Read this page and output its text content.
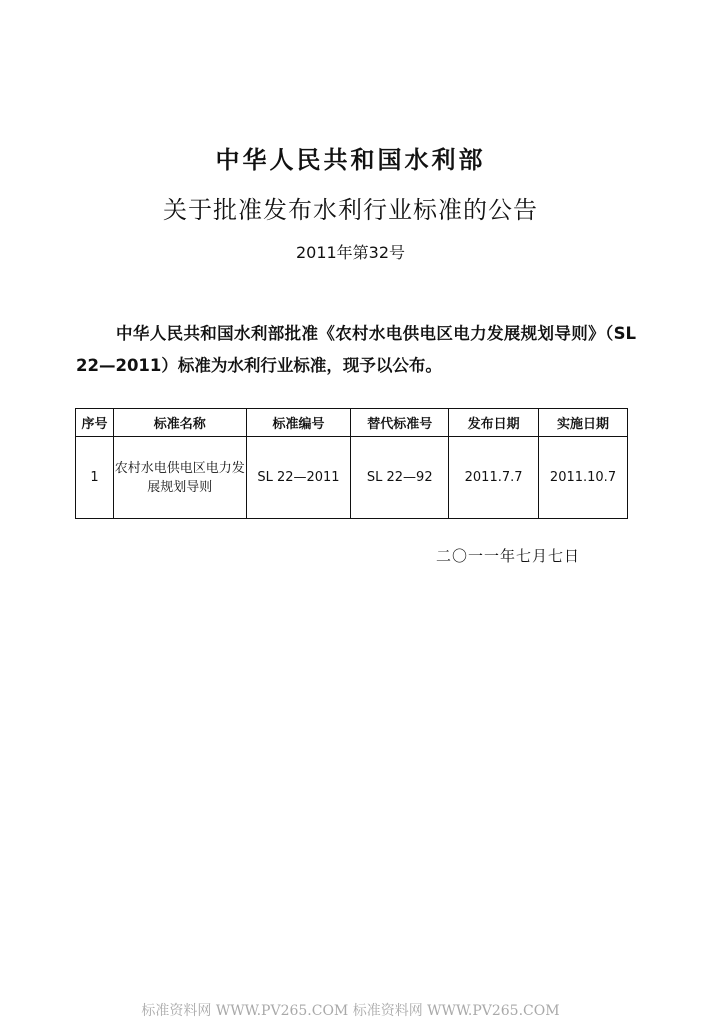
中华人民共和国水利部
关于批准发布水利行业标准的公告
2011年第32号
中华人民共和国水利部批准《农村水电供电区电力发展规划导则》（SL 22—2011）标准为水利行业标准，现予以公布。
序号	标准名称	标准编号	替代标准号	发布日期	实施日期
1	农村水电供电区电力发展规划导则	SL 22—2011	SL 22—92	2011.7.7	2011.10.7
二〇一一年七月七日
标准资料网 WWW.PV265.COM 标准资料网 WWW.PV265.COM
